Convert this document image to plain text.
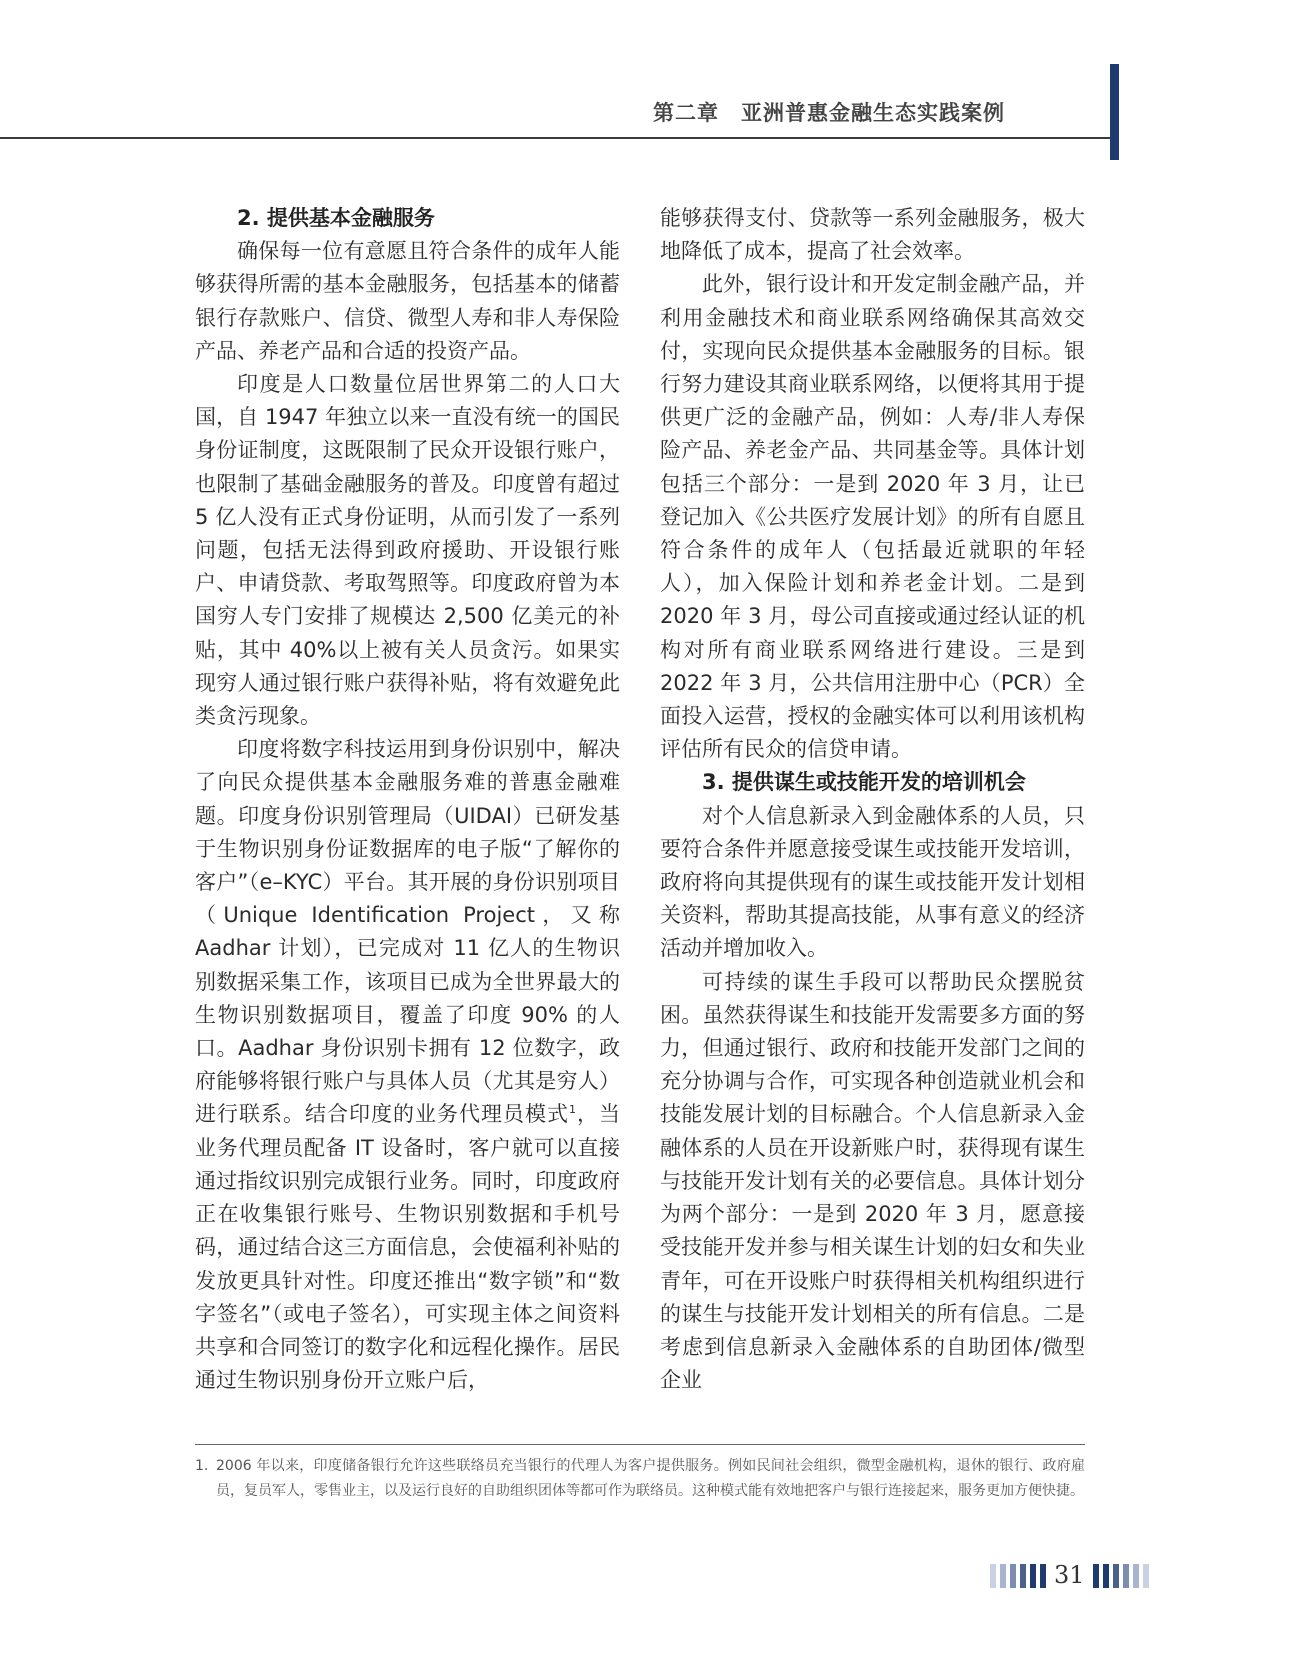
第二章　亚洲普惠金融生态实践案例
2. 提供基本金融服务

确保每一位有意愿且符合条件的成年人能够获得所需的基本金融服务，包括基本的储蓄银行存款账户、信贷、微型人寿和非人寿保险产品、养老产品和合适的投资产品。

印度是人口数量位居世界第二的人口大国，自 1947 年独立以来一直没有统一的国民身份证制度，这既限制了民众开设银行账户，也限制了基础金融服务的普及。印度曾有超过 5 亿人没有正式身份证明，从而引发了一系列问题，包括无法得到政府援助、开设银行账户、申请贷款、考取驾照等。印度政府曾为本国穷人专门安排了规模达 2,500 亿美元的补贴，其中 40%以上被有关人员贪污。如果实现穷人通过银行账户获得补贴，将有效避免此类贪污现象。

印度将数字科技运用到身份识别中，解决了向民众提供基本金融服务难的普惠金融难题。印度身份识别管理局（UIDAI）已研发基于生物识别身份证数据库的电子版“了解你的客户”（e–KYC）平台。其开展的身份识别项目（Unique Identification Project，又称 Aadhar 计划），已完成对 11 亿人的生物识别数据采集工作，该项目已成为全世界最大的生物识别数据项目，覆盖了印度 90% 的人口。Aadhar 身份识别卡拥有 12 位数字，政府能够将银行账户与具体人员（尤其是穷人）进行联系。结合印度的业务代理员模式$^1$，当业务代理员配备 IT 设备时，客户就可以直接通过指纹识别完成银行业务。同时，印度政府正在收集银行账号、生物识别数据和手机号码，通过结合这三方面信息，会使福利补贴的发放更具针对性。印度还推出“数字锁”和“数字签名”（或电子签名），可实现主体之间资料共享和合同签订的数字化和远程化操作。居民通过生物识别身份开立账户后，

能够获得支付、贷款等一系列金融服务，极大地降低了成本，提高了社会效率。

此外，银行设计和开发定制金融产品，并利用金融技术和商业联系网络确保其高效交付，实现向民众提供基本金融服务的目标。银行努力建设其商业联系网络，以便将其用于提供更广泛的金融产品，例如：人寿/非人寿保险产品、养老金产品、共同基金等。具体计划包括三个部分：一是到 2020 年 3 月，让已登记加入《公共医疗发展计划》的所有自愿且符合条件的成年人（包括最近就职的年轻人），加入保险计划和养老金计划。二是到 2020 年 3 月，母公司直接或通过经认证的机构对所有商业联系网络进行建设。三是到 2022 年 3 月，公共信用注册中心（PCR）全面投入运营，授权的金融实体可以利用该机构评估所有民众的信贷申请。

3. 提供谋生或技能开发的培训机会

对个人信息新录入到金融体系的人员，只要符合条件并愿意接受谋生或技能开发培训，政府将向其提供现有的谋生或技能开发计划相关资料，帮助其提高技能，从事有意义的经济活动并增加收入。

可持续的谋生手段可以帮助民众摆脱贫困。虽然获得谋生和技能开发需要多方面的努力，但通过银行、政府和技能开发部门之间的充分协调与合作，可实现各种创造就业机会和技能发展计划的目标融合。个人信息新录入金融体系的人员在开设新账户时，获得现有谋生与技能开发计划有关的必要信息。具体计划分为两个部分：一是到 2020 年 3 月，愿意接受技能开发并参与相关谋生计划的妇女和失业青年，可在开设账户时获得相关机构组织进行的谋生与技能开发计划相关的所有信息。二是考虑到信息新录入金融体系的自助团体/微型企业

1. 2006 年以来，印度储备银行允许这些联络员充当银行的代理人为客户提供服务。例如民间社会组织，微型金融机构，退休的银行、政府雇员，复员军人，零售业主，以及运行良好的自助组织团体等都可作为联络员。这种模式能有效地把客户与银行连接起来，服务更加方便快捷。
31
